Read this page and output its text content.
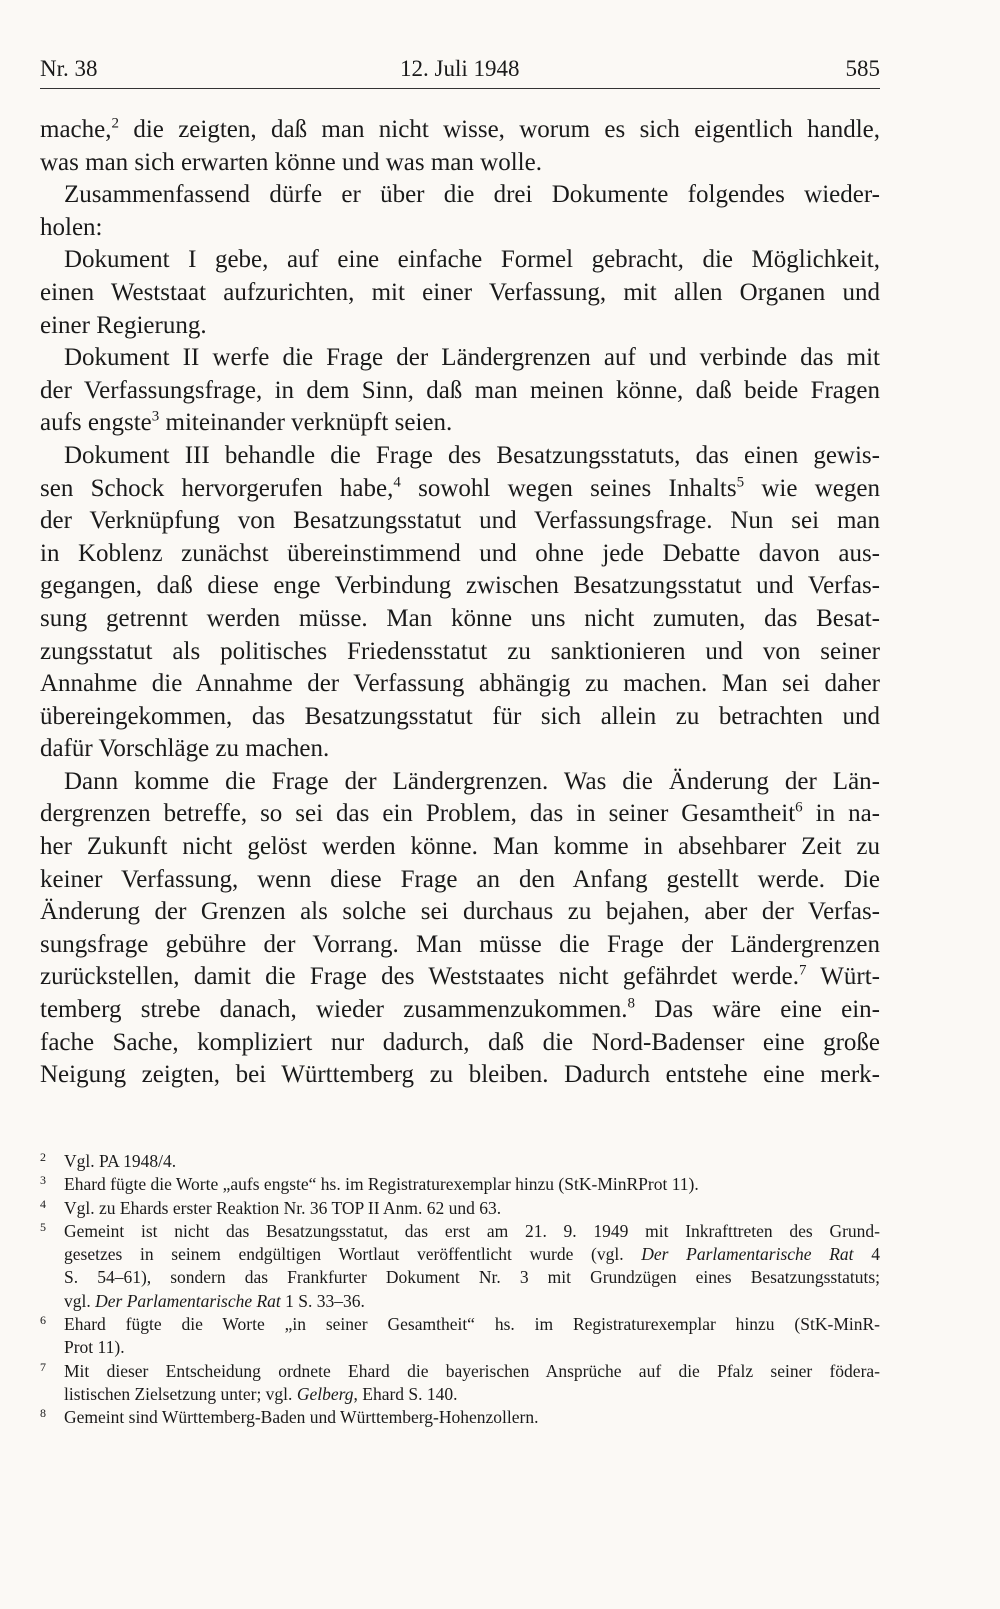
Nr. 38	12. Juli 1948	585
mache,$^2$ die zeigten, daß man nicht wisse, worum es sich eigentlich handle,
was man sich erwarten könne und was man wolle.
Zusammenfassend dürfe er über die drei Dokumente folgendes wieder-
holen:
Dokument I gebe, auf eine einfache Formel gebracht, die Möglichkeit,
einen Weststaat aufzurichten, mit einer Verfassung, mit allen Organen und
einer Regierung.
Dokument II werfe die Frage der Ländergrenzen auf und verbinde das mit
der Verfassungsfrage, in dem Sinn, daß man meinen könne, daß beide Fragen
aufs engste$^3$ miteinander verknüpft seien.
Dokument III behandle die Frage des Besatzungsstatuts, das einen gewis-
sen Schock hervorgerufen habe,$^4$ sowohl wegen seines Inhalts$^5$ wie wegen
der Verknüpfung von Besatzungsstatut und Verfassungsfrage. Nun sei man
in Koblenz zunächst übereinstimmend und ohne jede Debatte davon aus-
gegangen, daß diese enge Verbindung zwischen Besatzungsstatut und Verfas-
sung getrennt werden müsse. Man könne uns nicht zumuten, das Besat-
zungsstatut als politisches Friedensstatut zu sanktionieren und von seiner
Annahme die Annahme der Verfassung abhängig zu machen. Man sei daher
übereingekommen, das Besatzungsstatut für sich allein zu betrachten und
dafür Vorschläge zu machen.
Dann komme die Frage der Ländergrenzen. Was die Änderung der Län-
dergrenzen betreffe, so sei das ein Problem, das in seiner Gesamtheit$^6$ in na-
her Zukunft nicht gelöst werden könne. Man komme in absehbarer Zeit zu
keiner Verfassung, wenn diese Frage an den Anfang gestellt werde. Die
Änderung der Grenzen als solche sei durchaus zu bejahen, aber der Verfas-
sungsfrage gebühre der Vorrang. Man müsse die Frage der Ländergrenzen
zurückstellen, damit die Frage des Weststaates nicht gefährdet werde.$^7$ Würt-
temberg strebe danach, wieder zusammenzukommen.$^8$ Das wäre eine ein-
fache Sache, kompliziert nur dadurch, daß die Nord-Badenser eine große
Neigung zeigten, bei Württemberg zu bleiben. Dadurch entstehe eine merk-
2 Vgl. PA 1948/4.
3 Ehard fügte die Worte „aufs engste“ hs. im Registraturexemplar hinzu (StK-MinRProt 11).
4 Vgl. zu Ehards erster Reaktion Nr. 36 TOP II Anm. 62 und 63.
5 Gemeint ist nicht das Besatzungsstatut, das erst am 21. 9. 1949 mit Inkrafttreten des Grund-
gesetzes in seinem endgültigen Wortlaut veröffentlicht wurde (vgl. Der Parlamentarische Rat 4
S. 54–61), sondern das Frankfurter Dokument Nr. 3 mit Grundzügen eines Besatzungsstatuts;
vgl. Der Parlamentarische Rat 1 S. 33–36.
6 Ehard fügte die Worte „in seiner Gesamtheit“ hs. im Registraturexemplar hinzu (StK-MinR-
Prot 11).
7 Mit dieser Entscheidung ordnete Ehard die bayerischen Ansprüche auf die Pfalz seiner födera-
listischen Zielsetzung unter; vgl. Gelberg, Ehard S. 140.
8 Gemeint sind Württemberg-Baden und Württemberg-Hohenzollern.
